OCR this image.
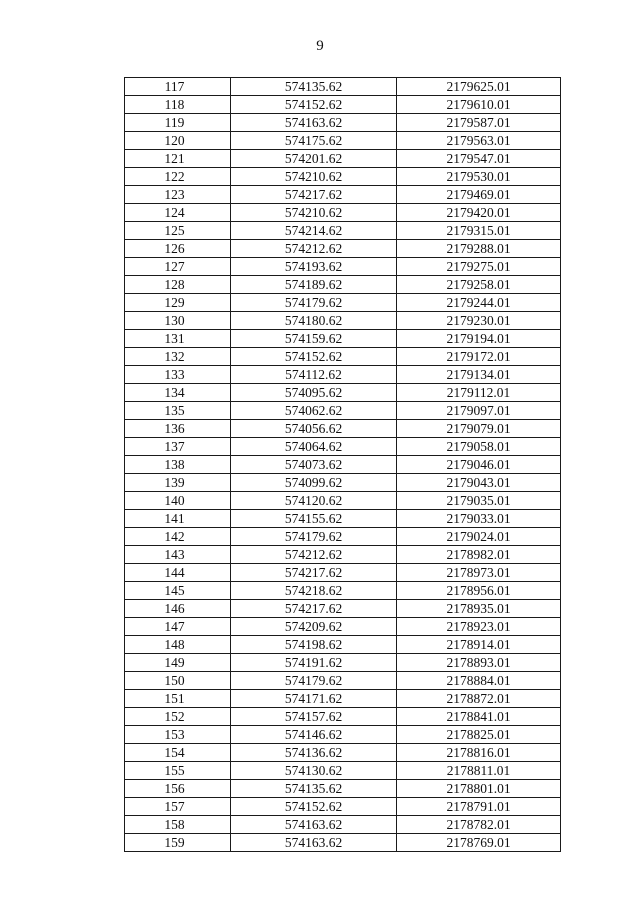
9
117	574135.62	2179625.01
118	574152.62	2179610.01
119	574163.62	2179587.01
120	574175.62	2179563.01
121	574201.62	2179547.01
122	574210.62	2179530.01
123	574217.62	2179469.01
124	574210.62	2179420.01
125	574214.62	2179315.01
126	574212.62	2179288.01
127	574193.62	2179275.01
128	574189.62	2179258.01
129	574179.62	2179244.01
130	574180.62	2179230.01
131	574159.62	2179194.01
132	574152.62	2179172.01
133	574112.62	2179134.01
134	574095.62	2179112.01
135	574062.62	2179097.01
136	574056.62	2179079.01
137	574064.62	2179058.01
138	574073.62	2179046.01
139	574099.62	2179043.01
140	574120.62	2179035.01
141	574155.62	2179033.01
142	574179.62	2179024.01
143	574212.62	2178982.01
144	574217.62	2178973.01
145	574218.62	2178956.01
146	574217.62	2178935.01
147	574209.62	2178923.01
148	574198.62	2178914.01
149	574191.62	2178893.01
150	574179.62	2178884.01
151	574171.62	2178872.01
152	574157.62	2178841.01
153	574146.62	2178825.01
154	574136.62	2178816.01
155	574130.62	2178811.01
156	574135.62	2178801.01
157	574152.62	2178791.01
158	574163.62	2178782.01
159	574163.62	2178769.01
